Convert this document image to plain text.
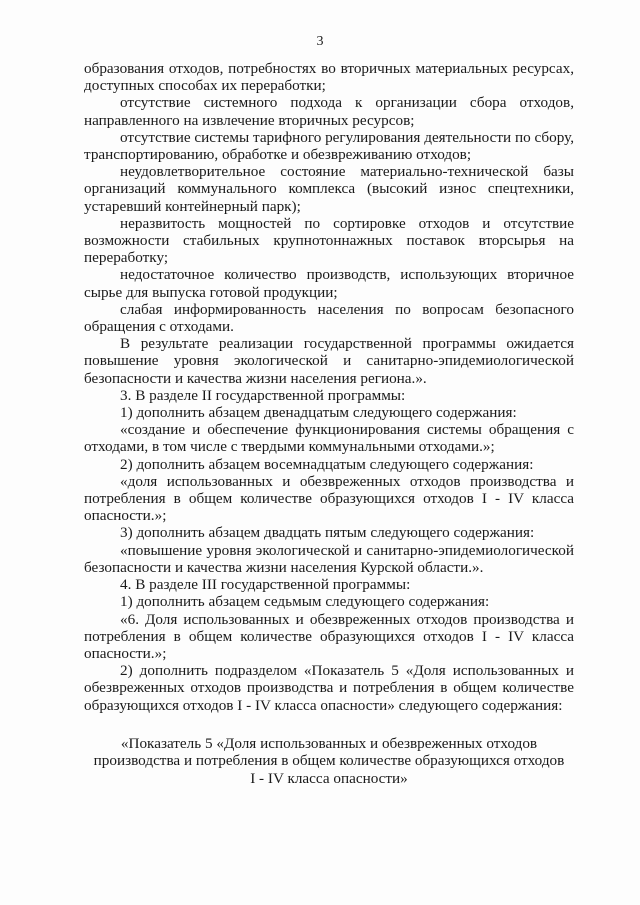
3

образования отходов, потребностях во вторичных материальных ресурсах, доступных способах их переработки;

отсутствие системного подхода к организации сбора отходов, направленного на извлечение вторичных ресурсов;

отсутствие системы тарифного регулирования деятельности по сбору, транспортированию, обработке и обезвреживанию отходов;

неудовлетворительное состояние материально-технической базы организаций коммунального комплекса (высокий износ спецтехники, устаревший контейнерный парк);

неразвитость мощностей по сортировке отходов и отсутствие возможности стабильных крупнотоннажных поставок вторсырья на переработку;

недостаточное количество производств, использующих вторичное сырье для выпуска готовой продукции;

слабая информированность населения по вопросам безопасного обращения с отходами.

В результате реализации государственной программы ожидается повышение уровня экологической и санитарно-эпидемиологической безопасности и качества жизни населения региона.».

3. В разделе II государственной программы:

1) дополнить абзацем двенадцатым следующего содержания:

«создание и обеспечение функционирования системы обращения с отходами, в том числе с твердыми коммунальными отходами.»;

2) дополнить абзацем восемнадцатым следующего содержания:

«доля использованных и обезвреженных отходов производства и потребления в общем количестве образующихся отходов I - IV класса опасности.»;

3) дополнить абзацем двадцать пятым следующего содержания:

«повышение уровня экологической и санитарно-эпидемиологической безопасности и качества жизни населения Курской области.».

4. В разделе III государственной программы:

1) дополнить абзацем седьмым следующего содержания:

«6. Доля использованных и обезвреженных отходов производства и потребления в общем количестве образующихся отходов I - IV класса опасности.»;

2) дополнить подразделом «Показатель 5 «Доля использованных и обезвреженных отходов производства и потребления в общем количестве образующихся отходов I - IV класса опасности» следующего содержания:

«Показатель 5 «Доля использованных и обезвреженных отходов

производства и потребления в общем количестве образующихся отходов

I - IV класса опасности»
